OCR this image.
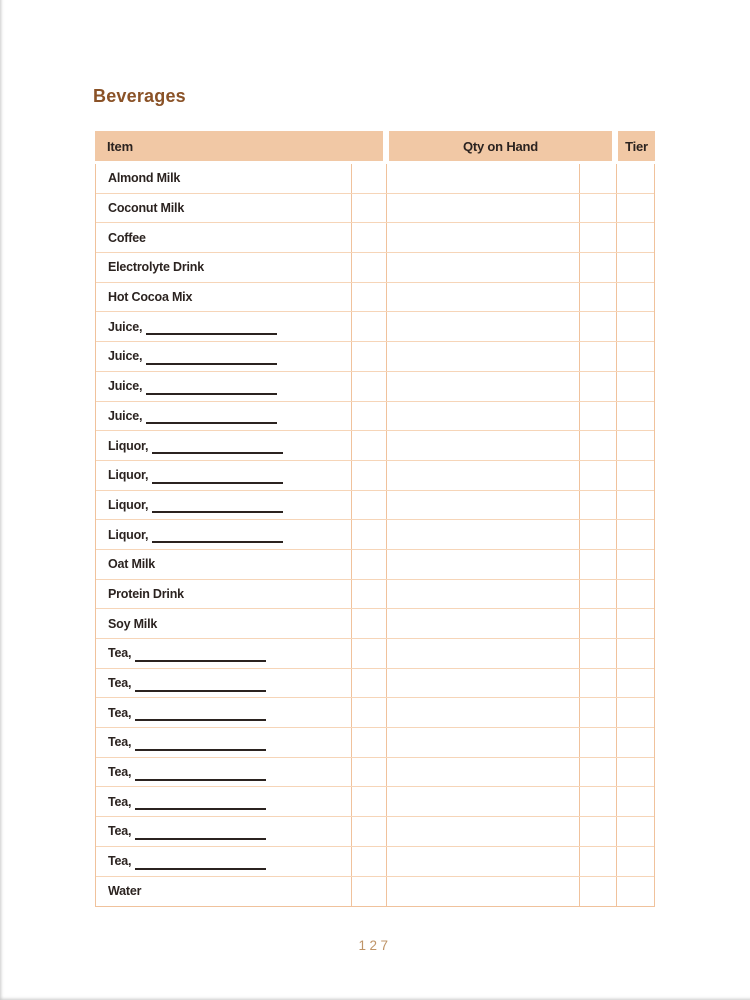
Beverages
Item	Qty on Hand	Tier
Almond Milk
Coconut Milk
Coffee
Electrolyte Drink
Hot Cocoa Mix
Juice,
Juice,
Juice,
Juice,
Liquor,
Liquor,
Liquor,
Liquor,
Oat Milk
Protein Drink
Soy Milk
Tea,
Tea,
Tea,
Tea,
Tea,
Tea,
Tea,
Tea,
Water
127
